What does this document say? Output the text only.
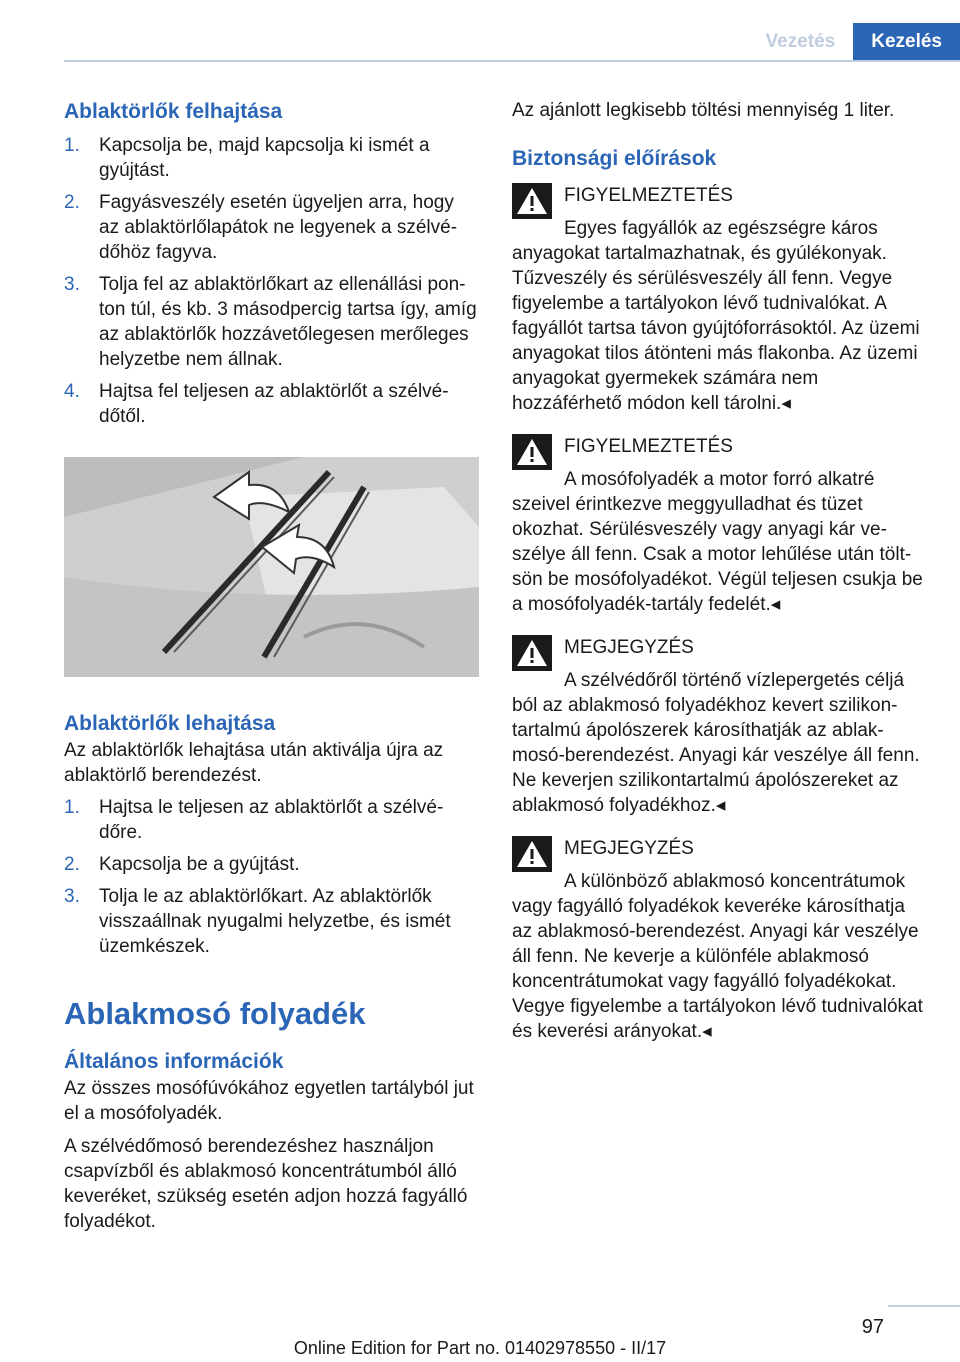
Vezetés	Kezelés
Ablaktörlők felhajtása
1. Kapcsolja be, majd kapcsolja ki ismét a gyújtást.
2. Fagyásveszély esetén ügyeljen arra, hogy az ablaktörlőlapátok ne legyenek a szélvédőhöz fagyva.
3. Tolja fel az ablaktörlőkart az ellenállási ponton túl, és kb. 3 másodpercig tartsa így, amíg az ablaktörlők hozzávetőlegesen merőleges helyzetbe nem állnak.
4. Hajtsa fel teljesen az ablaktörlőt a szélvédőtől.
Ablaktörlők lehajtása

Az ablaktörlők lehajtása után aktiválja újra az ablaktörlő berendezést.

1. Hajtsa le teljesen az ablaktörlőt a szélvédőre.
2. Kapcsolja be a gyújtást.
3. Tolja le az ablaktörlőkart. Az ablaktörlők visszaállnak nyugalmi helyzetbe, és ismét üzemkészek.
Ablakmosó folyadék
Általános információk

Az összes mosófúvókához egyetlen tartályból jut el a mosófolyadék.

A szélvédőmosó berendezéshez használjon csapvízből és ablakmosó koncentrátumból álló keveréket, szükség esetén adjon hozzá fagyálló folyadékot.

Az ajánlott legkisebb töltési mennyiség 1 liter.

Biztonsági előírások
FIGYELMEZTETÉS
Egyes fagyállók az egészségre káros
anyagokat tartalmazhatnak, és gyúlékonyak. Tűzveszély és sérülésveszély áll fenn. Vegye figyelembe a tartályokon lévő tudnivalókat. A fagyállót tartsa távon gyújtóforrásoktól. Az üzemi anyagokat tilos átönteni más flakonba. Az üzemi anyagokat gyermekek számára nem hozzáférhető módon kell tárolni.◂
FIGYELMEZTETÉS
A mosófolyadék a motor forró alkatré
szeivel érintkezve meggyulladhat és tüzet okozhat. Sérülésveszély vagy anyagi kár veszélye áll fenn. Csak a motor lehűlése után töltsön be mosófolyadékot. Végül teljesen csukja be a mosófolyadék-tartály fedelét.◂
MEGJEGYZÉS
A szélvédőről történő vízlepergetés céljá
ból az ablakmosó folyadékhoz kevert szilikontartalmú ápolószerek károsíthatják az ablakmosó-berendezést. Anyagi kár veszélye áll fenn. Ne keverjen szilikontartalmú ápolószereket az ablakmosó folyadékhoz.◂
MEGJEGYZÉS
A különböző ablakmosó koncentrátumok
vagy fagyálló folyadékok keveréke károsíthatja az ablakmosó-berendezést. Anyagi kár veszélye áll fenn. Ne keverje a különféle ablakmosó koncentrátumokat vagy fagyálló folyadékokat. Vegye figyelembe a tartályokon lévő tudnivalókat és keverési arányokat.◂
97
Online Edition for Part no. 01402978550 - II/17
